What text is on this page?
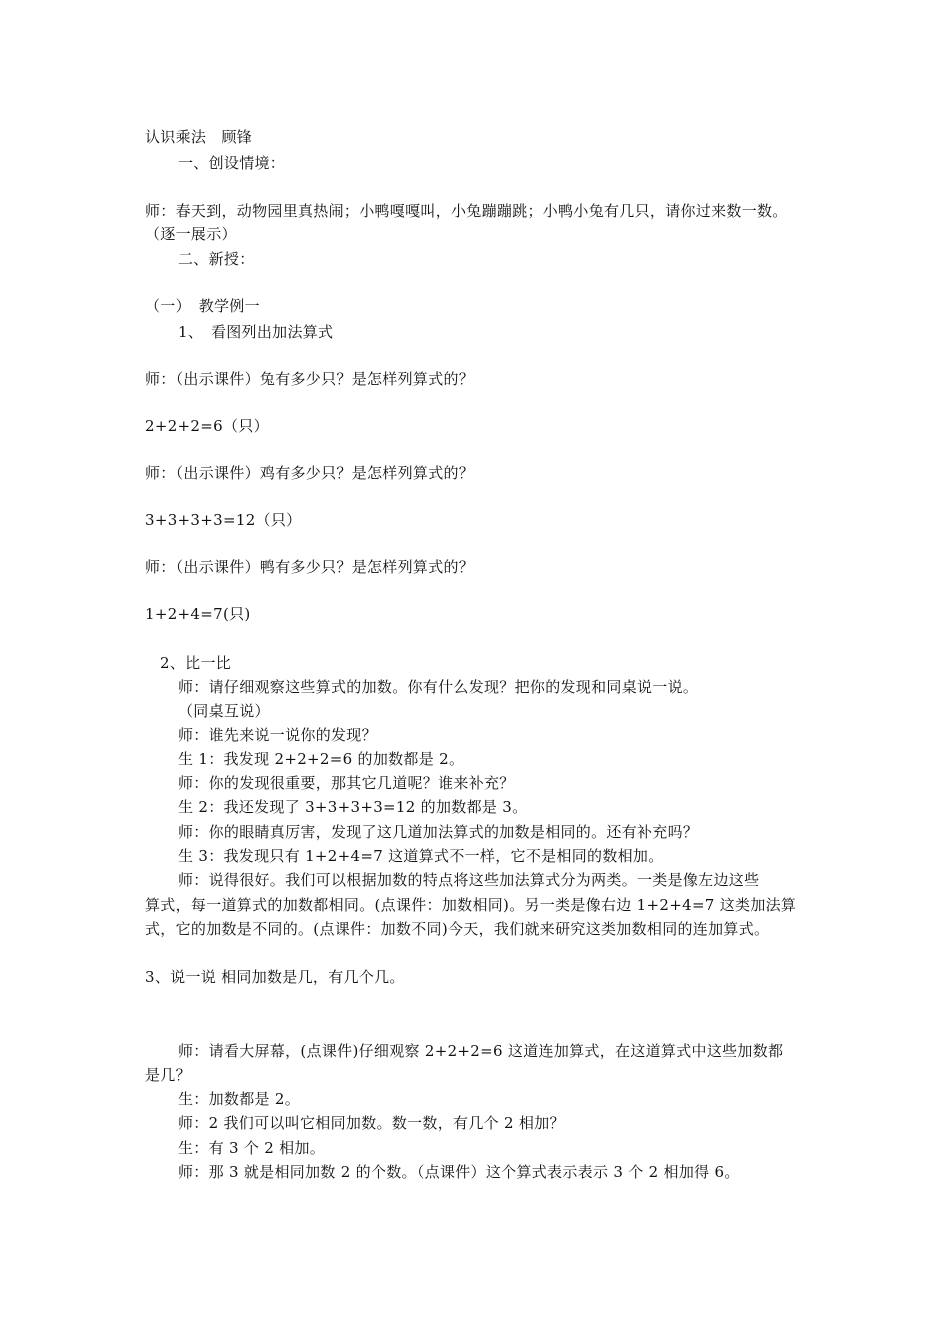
认识乘法　顾锋
一、创设情境：
师：春天到，动物园里真热闹；小鸭嘎嘎叫，小兔蹦蹦跳；小鸭小兔有几只，请你过来数一数。
（逐一展示）
二、新授：
（一）　教学例一
1、　看图列出加法算式
师：（出示课件）兔有多少只？是怎样列算式的？
2+2+2=6（只）
师：（出示课件）鸡有多少只？是怎样列算式的？
3+3+3+3=12（只）
师：（出示课件）鸭有多少只？是怎样列算式的？
1+2+4=7(只)
2、比一比
师：请仔细观察这些算式的加数。你有什么发现？把你的发现和同桌说一说。
（同桌互说）
师：谁先来说一说你的发现？
生 1：我发现 2+2+2=6 的加数都是 2。
师：你的发现很重要，那其它几道呢？谁来补充？
生 2：我还发现了 3+3+3+3=12 的加数都是 3。
师：你的眼睛真厉害，发现了这几道加法算式的加数是相同的。还有补充吗？
生 3：我发现只有 1+2+4=7 这道算式不一样，它不是相同的数相加。
师：说得很好。我们可以根据加数的特点将这些加法算式分为两类。一类是像左边这些
算式，每一道算式的加数都相同。(点课件：加数相同)。另一类是像右边 1+2+4=7 这类加法算
式，它的加数是不同的。(点课件：加数不同)今天，我们就来研究这类加数相同的连加算式。
3、说一说 相同加数是几，有几个几。
师：请看大屏幕，(点课件)仔细观察 2+2+2=6 这道连加算式，在这道算式中这些加数都
是几？
生：加数都是 2。
师：2 我们可以叫它相同加数。数一数，有几个 2 相加？
生：有 3 个 2 相加。
师：那 3 就是相同加数 2 的个数。（点课件）这个算式表示表示 3 个 2 相加得 6。
